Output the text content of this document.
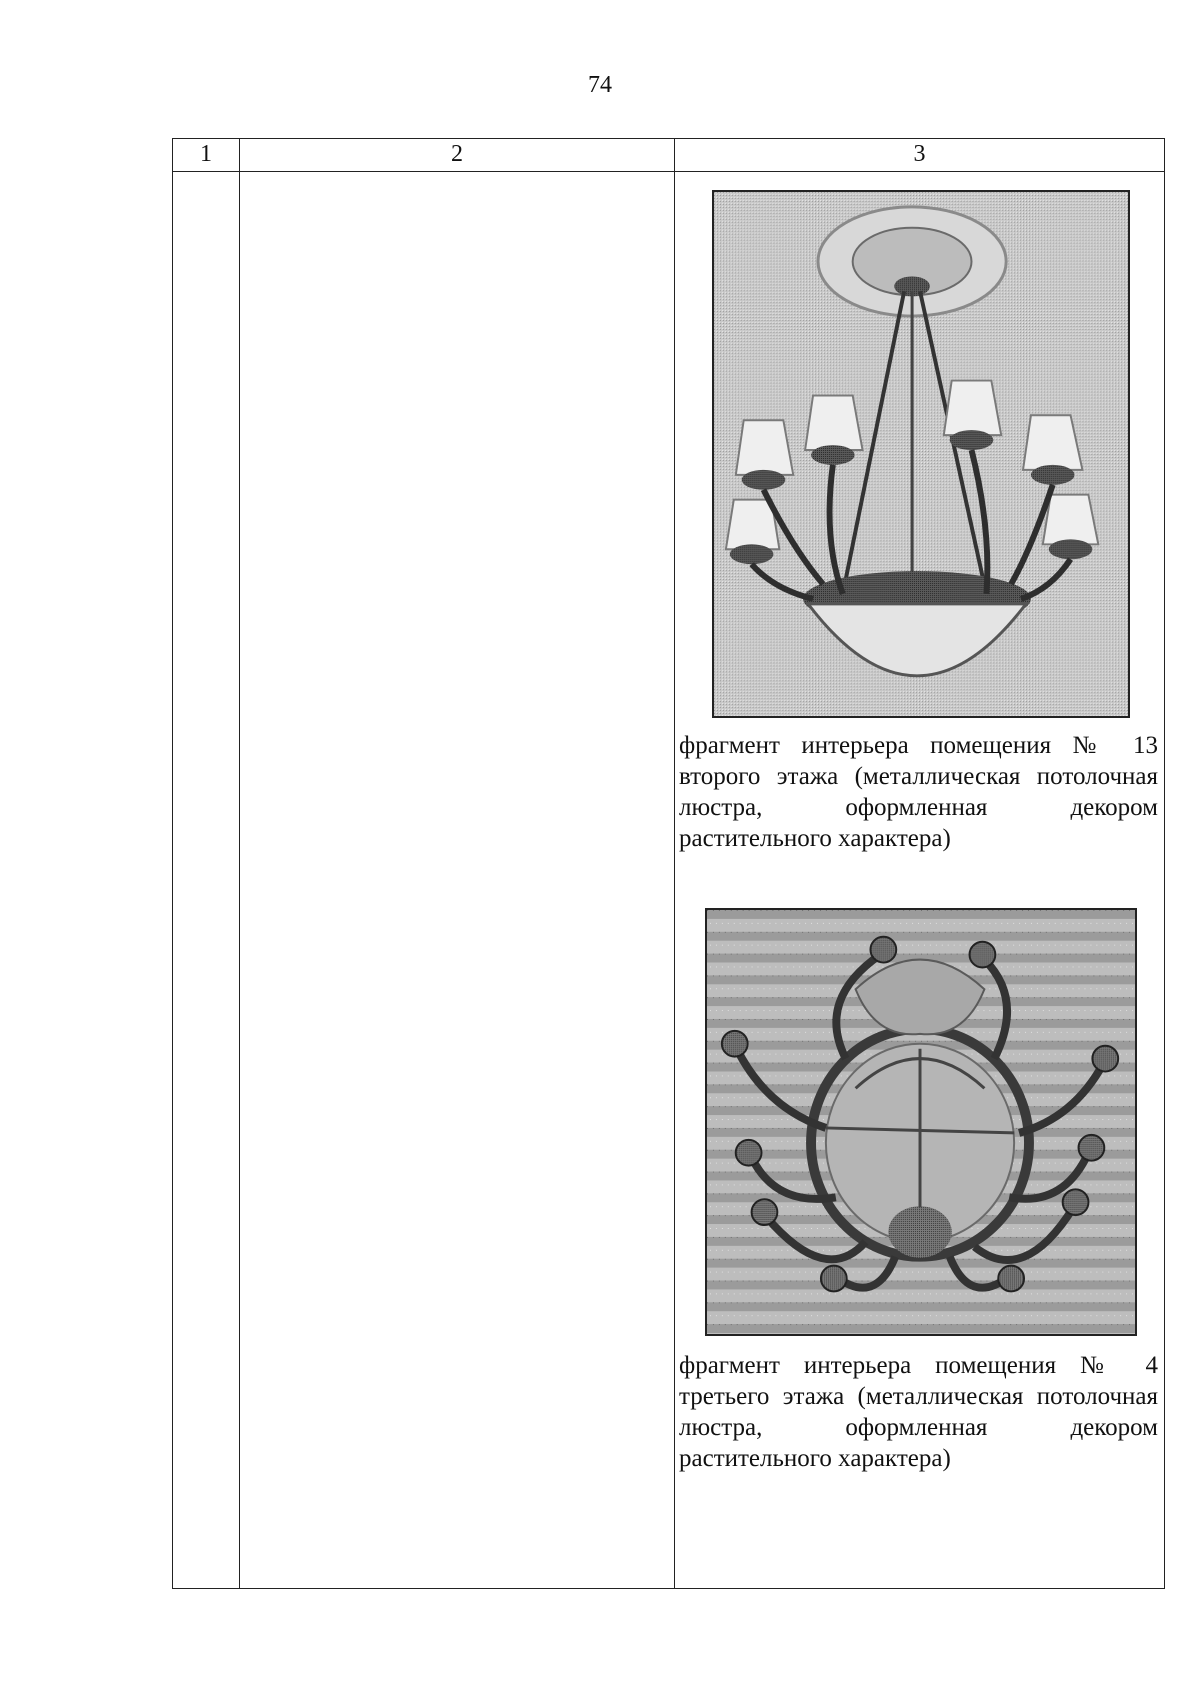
74
1	2	3
фрагмент интерьера помещения № 13 второго этажа (металлическая потолочная люстра, оформленная декором растительного характера)
фрагмент интерьера помещения № 4 третьего этажа (металлическая потолочная люстра, оформленная декором растительного характера)
